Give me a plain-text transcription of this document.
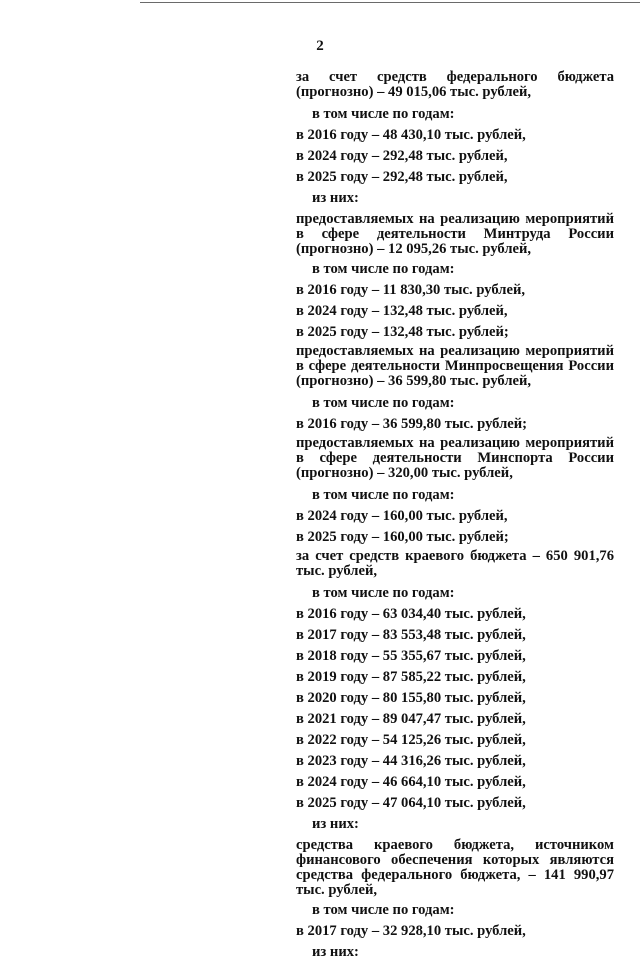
2

за счет средств федерального бюджета (прогнозно) – 49 015,06 тыс. рублей,

в том числе по годам:

в 2016 году – 48 430,10 тыс. рублей,

в 2024 году – 292,48 тыс. рублей,

в 2025 году – 292,48 тыс. рублей,

из них:

предоставляемых на реализацию мероприятий в сфере деятельности Минтруда России (прогнозно) – 12 095,26 тыс. рублей,

в том числе по годам:

в 2016 году – 11 830,30 тыс. рублей,

в 2024 году – 132,48 тыс. рублей,

в 2025 году – 132,48 тыс. рублей;

предоставляемых на реализацию мероприятий в сфере деятельности Минпросвещения России (прогнозно) – 36 599,80 тыс. рублей,

в том числе по годам:

в 2016 году – 36 599,80 тыс. рублей;

предоставляемых на реализацию мероприятий в сфере деятельности Минспорта России (прогнозно) – 320,00 тыс. рублей,

в том числе по годам:

в 2024 году – 160,00 тыс. рублей,

в 2025 году – 160,00 тыс. рублей;

за счет средств краевого бюджета – 650 901,76 тыс. рублей,

в том числе по годам:

в 2016 году – 63 034,40 тыс. рублей,

в 2017 году – 83 553,48 тыс. рублей,

в 2018 году – 55 355,67 тыс. рублей,

в 2019 году – 87 585,22 тыс. рублей,

в 2020 году – 80 155,80 тыс. рублей,

в 2021 году – 89 047,47 тыс. рублей,

в 2022 году – 54 125,26 тыс. рублей,

в 2023 году – 44 316,26 тыс. рублей,

в 2024 году – 46 664,10 тыс. рублей,

в 2025 году – 47 064,10 тыс. рублей,

из них:

средства краевого бюджета, источником финансового обеспечения которых являются средства федерального бюджета, – 141 990,97 тыс. рублей,

в том числе по годам:

в 2017 году – 32 928,10 тыс. рублей,

из них:
